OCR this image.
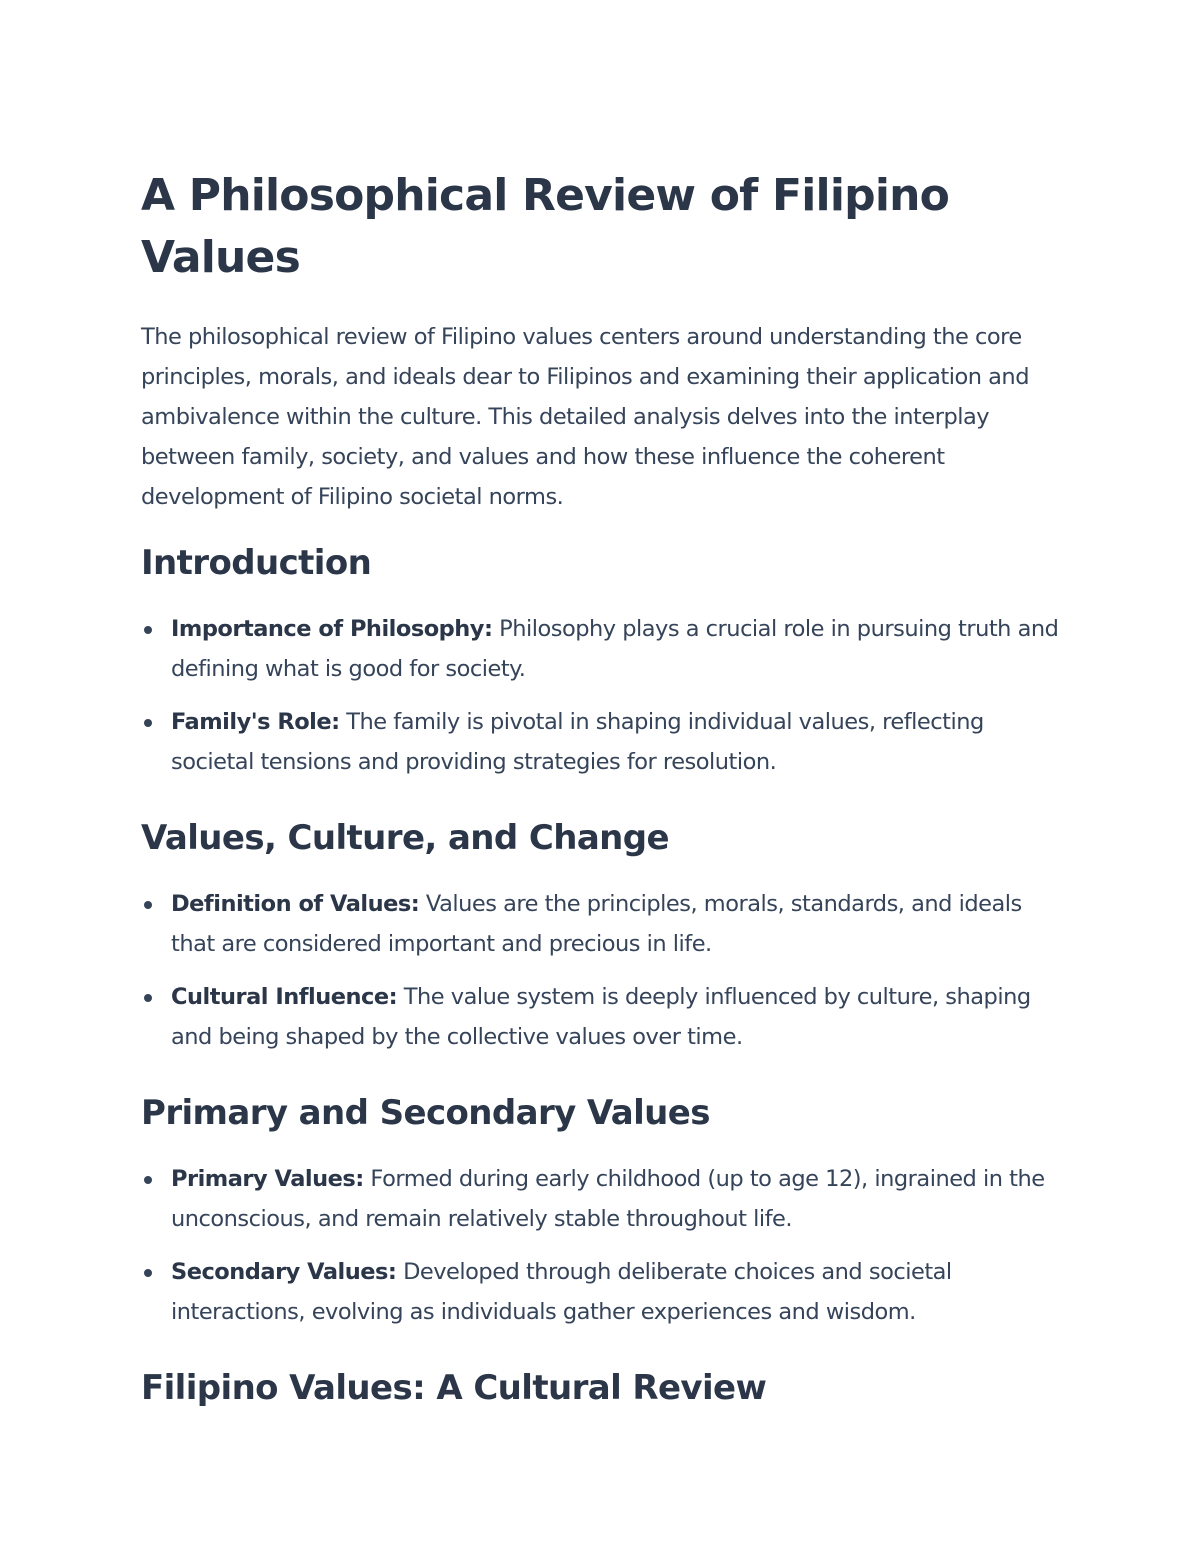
A Philosophical Review of Filipino Values

The philosophical review of Filipino values centers around understanding the core principles, morals, and ideals dear to Filipinos and examining their application and ambivalence within the culture. This detailed analysis delves into the interplay between family, society, and values and how these influence the coherent development of Filipino societal norms.

Introduction
Importance of Philosophy: Philosophy plays a crucial role in pursuing truth and defining what is good for society.
Family's Role: The family is pivotal in shaping individual values, reflecting societal tensions and providing strategies for resolution.
Values, Culture, and Change
Definition of Values: Values are the principles, morals, standards, and ideals that are considered important and precious in life.
Cultural Influence: The value system is deeply influenced by culture, shaping and being shaped by the collective values over time.
Primary and Secondary Values
Primary Values: Formed during early childhood (up to age 12), ingrained in the unconscious, and remain relatively stable throughout life.
Secondary Values: Developed through deliberate choices and societal interactions, evolving as individuals gather experiences and wisdom.
Filipino Values: A Cultural Review
